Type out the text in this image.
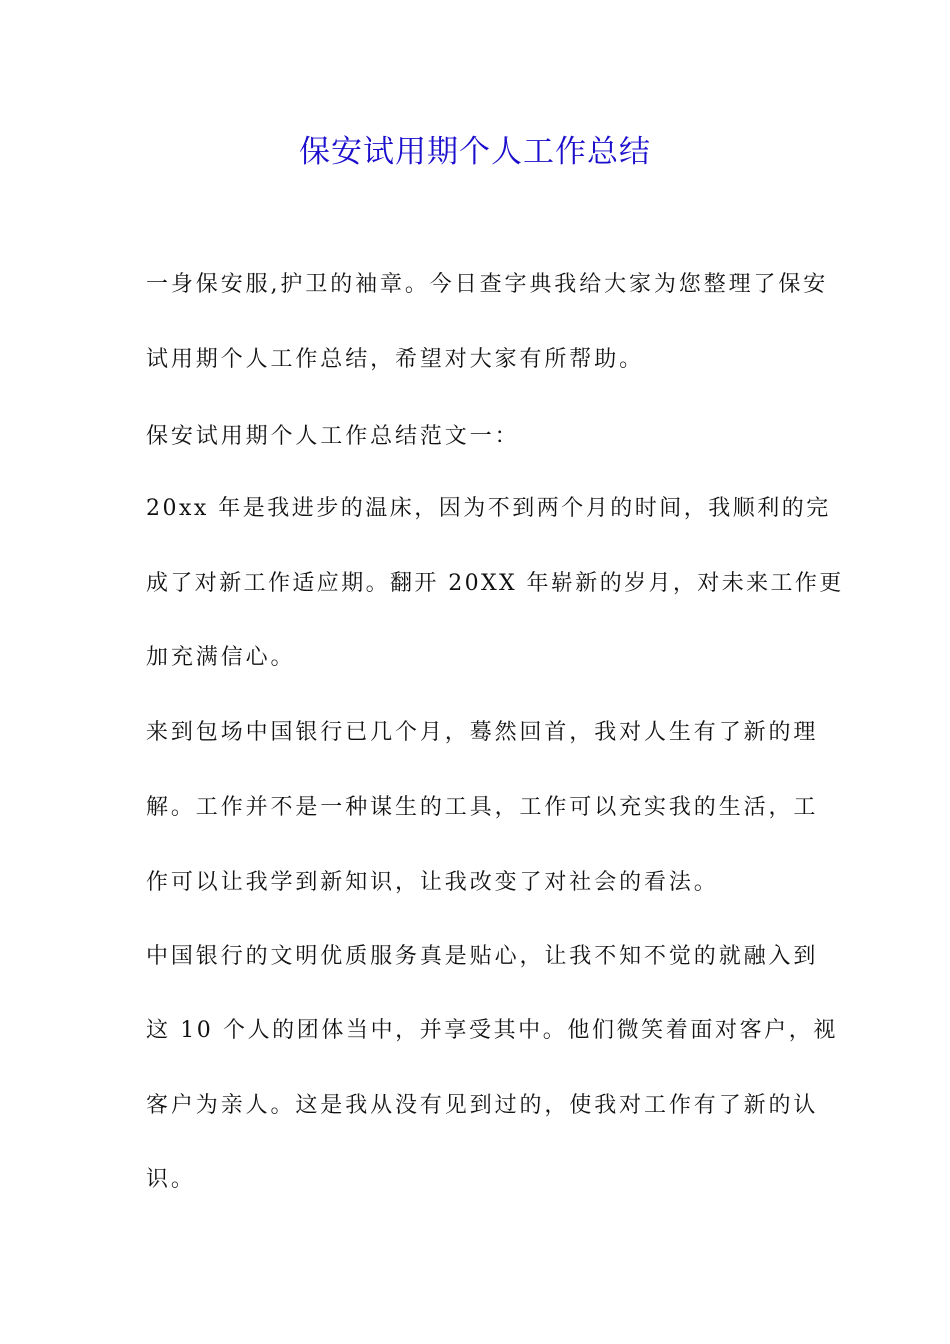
保安试用期个人工作总结
一身保安服,护卫的袖章。今日查字典我给大家为您整理了保安
试用期个人工作总结，希望对大家有所帮助。
保安试用期个人工作总结范文一：
20xx 年是我进步的温床，因为不到两个月的时间，我顺利的完
成了对新工作适应期。翻开 20XX 年崭新的岁月，对未来工作更
加充满信心。
来到包场中国银行已几个月，蓦然回首，我对人生有了新的理
解。工作并不是一种谋生的工具，工作可以充实我的生活，工
作可以让我学到新知识，让我改变了对社会的看法。
中国银行的文明优质服务真是贴心，让我不知不觉的就融入到
这 10 个人的团体当中，并享受其中。他们微笑着面对客户，视
客户为亲人。这是我从没有见到过的，使我对工作有了新的认
识。
